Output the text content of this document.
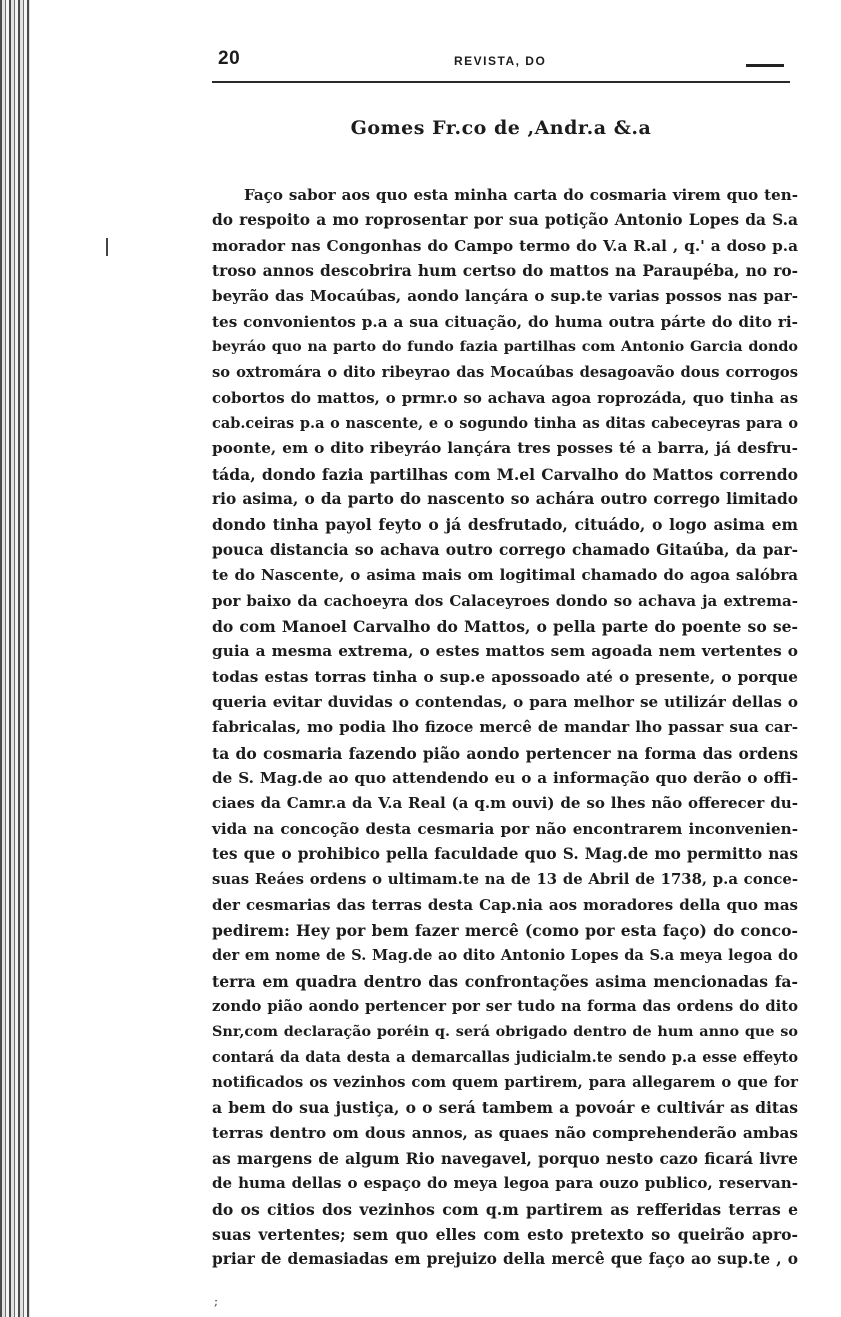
20	REVISTA, DO
Gomes Fr.co de ,Andr.a &.a
Faço sabor aos quo esta minha carta do cosmaria virem quo ten-
do respoito a mo roprosentar por sua potição Antonio Lopes da S.a
morador nas Congonhas do Campo termo do V.a R.al , q.' a doso p.a
troso annos descobrira hum certso do mattos na Paraupéba, no ro-
beyrão das Mocaúbas, aondo lançára o sup.te varias possos nas par-
tes convonientos p.a a sua cituação, do huma outra párte do dito ri-
beyráo quo na parto do fundo fazia partilhas com Antonio Garcia dondo
so oxtromára o dito ribeyrao das Mocaúbas desagoavão dous corrogos
cobortos do mattos, o prmr.o so achava agoa roprozáda, quo tinha as
cab.ceiras p.a o nascente, e o sogundo tinha as ditas cabeceyras para o
poonte, em o dito ribeyráo lançára tres posses té a barra, já desfru-
táda, dondo fazia partilhas com M.el Carvalho do Mattos correndo
rio asima, o da parto do nascento so achára outro corrego limitado
dondo tinha payol feyto o já desfrutado, cituádo, o logo asima em
pouca distancia so achava outro corrego chamado Gitaúba, da par-
te do Nascente, o asima mais om logitimal chamado do agoa salóbra
por baixo da cachoeyra dos Calaceyroes dondo so achava ja extrema-
do com Manoel Carvalho do Mattos, o pella parte do poente so se-
guia a mesma extrema, o estes mattos sem agoada nem vertentes o
todas estas torras tinha o sup.e apossoado até o presente, o porque
queria evitar duvidas o contendas, o para melhor se utilizár dellas o
fabricalas, mo podia lho fizoce mercê de mandar lho passar sua car-
ta do cosmaria fazendo pião aondo pertencer na forma das ordens
de S. Mag.de ao quo attendendo eu o a informação quo derão o offi-
ciaes da Camr.a da V.a Real (a q.m ouvi) de so lhes não offerecer du-
vida na concoção desta cesmaria por não encontrarem inconvenien-
tes que o prohibico pella faculdade quo S. Mag.de mo permitto nas
suas Reáes ordens o ultimam.te na de 13 de Abril de 1738, p.a conce-
der cesmarias das terras desta Cap.nia aos moradores della quo mas
pedirem: Hey por bem fazer mercê (como por esta faço) do conco-
der em nome de S. Mag.de ao dito Antonio Lopes da S.a meya legoa do
terra em quadra dentro das confrontações asima mencionadas fa-
zondo pião aondo pertencer por ser tudo na forma das ordens do dito
Snr,com declaração poréin q. será obrigado dentro de hum anno que so
contará da data desta a demarcallas judicialm.te sendo p.a esse effeyto
notificados os vezinhos com quem partirem, para allegarem o que for
a bem do sua justiça, o o será tambem a povoár e cultivár as ditas
terras dentro om dous annos, as quaes não comprehenderão ambas
as margens de algum Rio navegavel, porquo nesto cazo ficará livre
de huma dellas o espaço do meya legoa para ouzo publico, reservan-
do os citios dos vezinhos com q.m partirem as refferidas terras e
suas vertentes; sem quo elles com esto pretexto so queirão apro-
priar de demasiadas em prejuizo della mercê que faço ao sup.te , o
;
